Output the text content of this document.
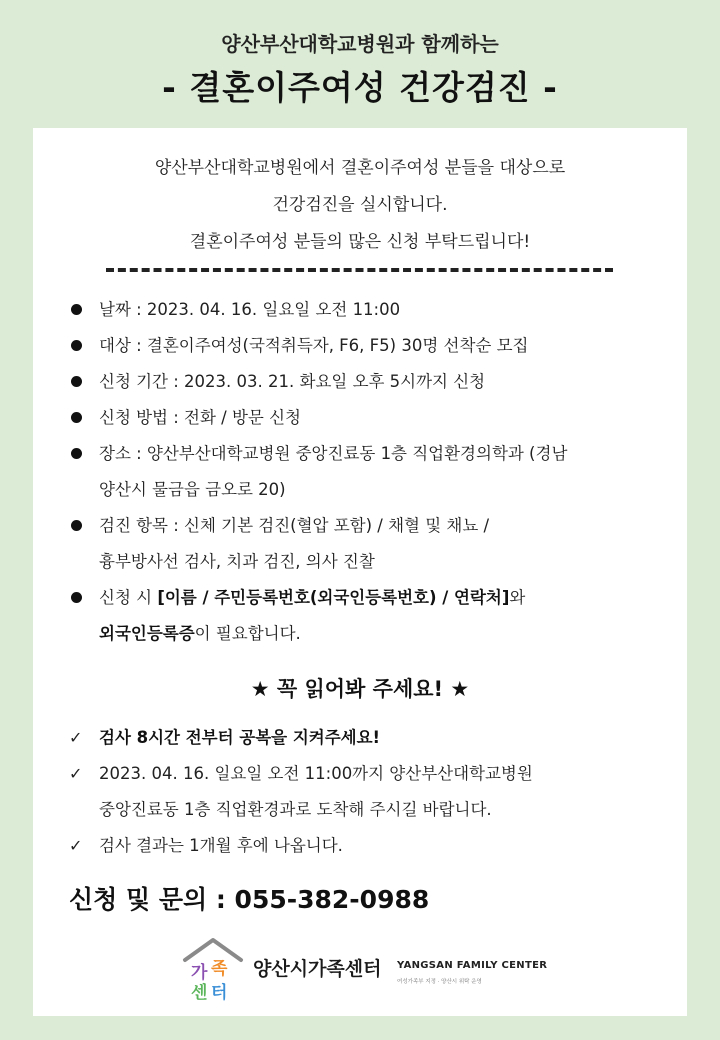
양산부산대학교병원과 함께하는
- 결혼이주여성 건강검진 -
양산부산대학교병원에서 결혼이주여성 분들을 대상으로
건강검진을 실시합니다.
결혼이주여성 분들의 많은 신청 부탁드립니다!
날짜 : 2023. 04. 16. 일요일 오전 11:00
대상 : 결혼이주여성(국적취득자, F6, F5) 30명 선착순 모집
신청 기간 : 2023. 03. 21. 화요일 오후 5시까지 신청
신청 방법 : 전화 / 방문 신청
장소 : 양산부산대학교병원 중앙진료동 1층 직업환경의학과 (경남
양산시 물금읍 금오로 20)
검진 항목 : 신체 기본 검진(혈압 포함) / 채혈 및 채뇨 /
흉부방사선 검사, 치과 검진, 의사 진찰
신청 시 [이름 / 주민등록번호(외국인등록번호) / 연락처]와
외국인등록증이 필요합니다.
★ 꼭 읽어봐 주세요! ★
✓ 검사 8시간 전부터 공복을 지켜주세요!
✓ 2023. 04. 16. 일요일 오전 11:00까지 양산부산대학교병원
중앙진료동 1층 직업환경과로 도착해 주시길 바랍니다.
✓ 검사 결과는 1개월 후에 나옵니다.
신청 및 문의 : 055-382-0988
가 족
센 터
양산시가족센터 YANGSAN FAMILY CENTER
여성가족부 지정 · 양산시 위탁 운영
